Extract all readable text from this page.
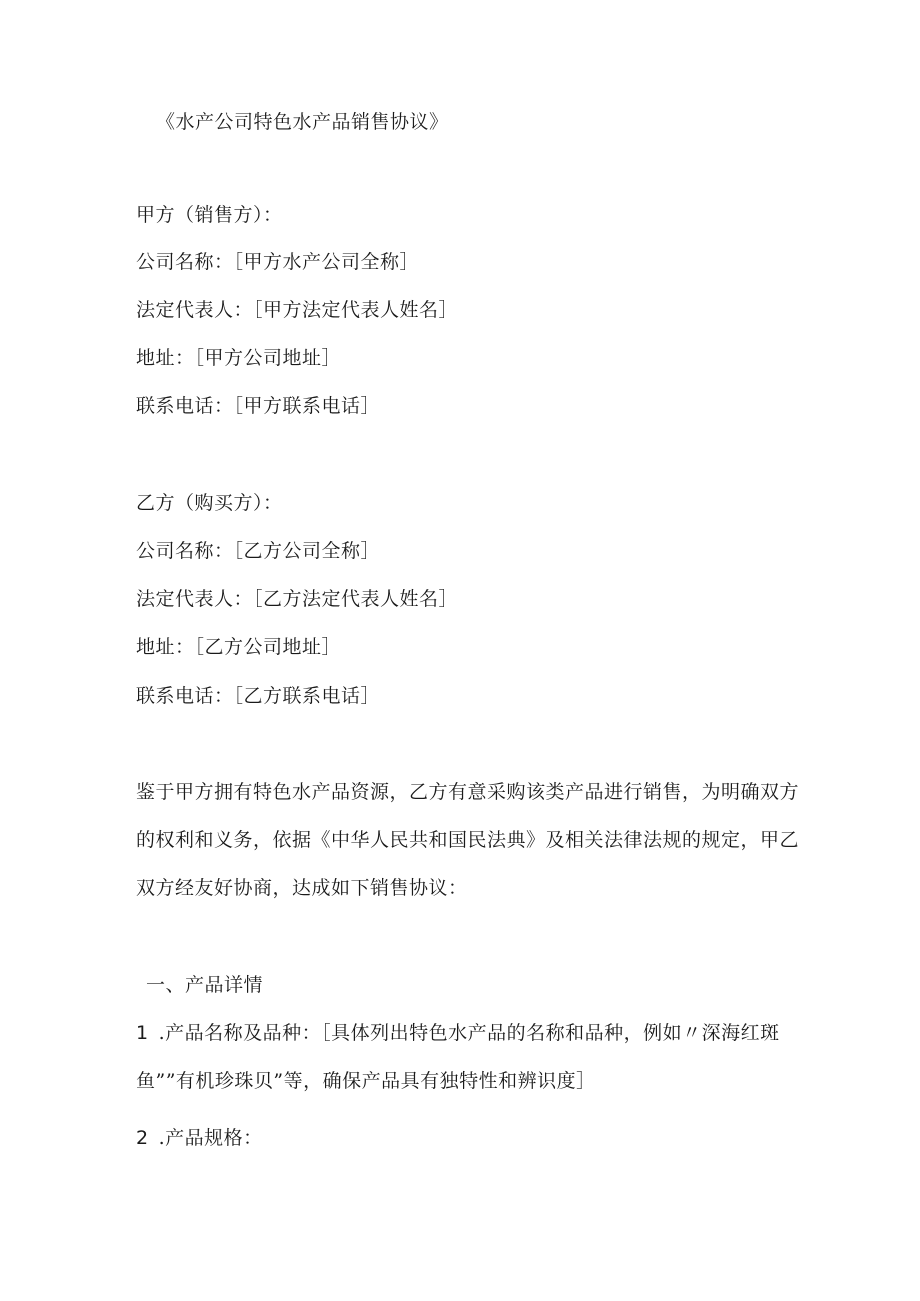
《水产公司特色水产品销售协议》
甲方（销售方）：
公司名称：［甲方水产公司全称］
法定代表人：［甲方法定代表人姓名］
地址：［甲方公司地址］
联系电话：［甲方联系电话］
乙方（购买方）：
公司名称：［乙方公司全称］
法定代表人：［乙方法定代表人姓名］
地址：［乙方公司地址］
联系电话：［乙方联系电话］
鉴于甲方拥有特色水产品资源，乙方有意采购该类产品进行销售，为明确双方
的权利和义务，依据《中华人民共和国民法典》及相关法律法规的规定，甲乙
双方经友好协商，达成如下销售协议：
一、产品详情
1 .产品名称及品种：［具体列出特色水产品的名称和品种，例如〃深海红斑
鱼””有机珍珠贝”等，确保产品具有独特性和辨识度］
2 .产品规格：
